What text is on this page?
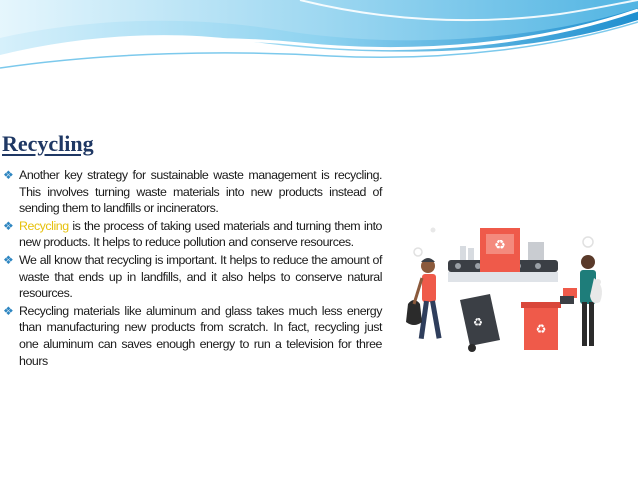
Recycling
❖ Another key strategy for sustainable waste management is recycling. This involves turning waste materials into new products instead of sending them to landfills or incinerators.
❖ Recycling is the process of taking used materials and turning them into new products. It helps to reduce pollution and conserve resources.
❖ We all know that recycling is important. It helps to reduce the amount of waste that ends up in landfills, and it also helps to conserve natural resources.
❖ Recycling materials like aluminum and glass takes much less energy than manufacturing new products from scratch. In fact, recycling just one aluminum can saves enough energy to run a television for three hours
♻
♻	♻
